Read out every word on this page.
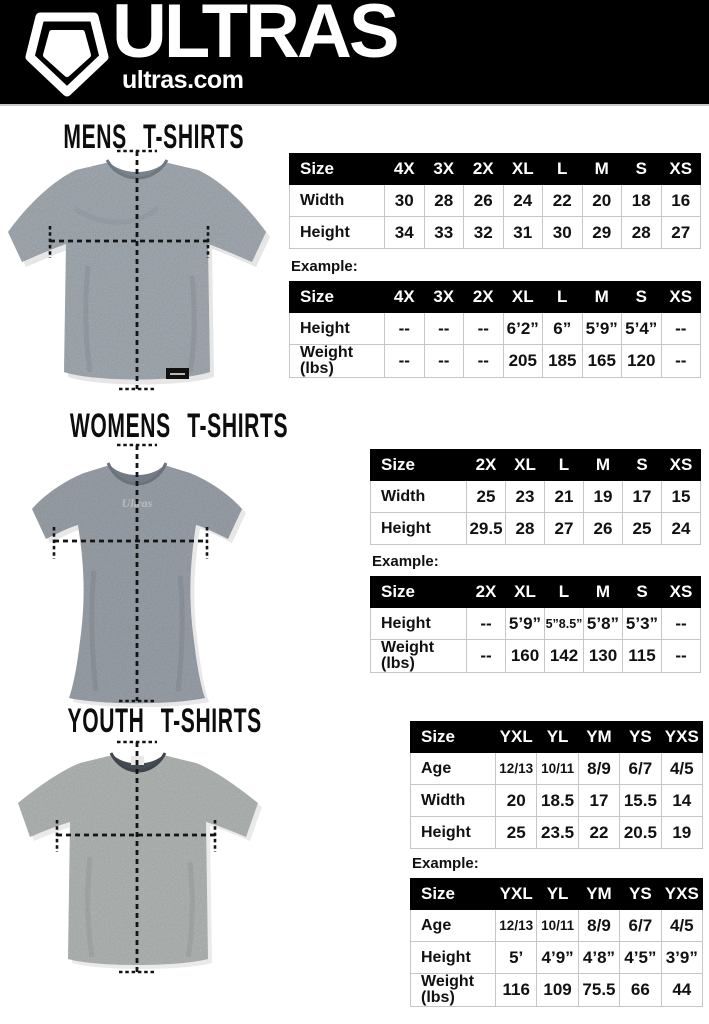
ULTRAS
ultras.com
MENS T-SHIRTS
Size	4X	3X	2X	XL	L	M	S	XS
Width	30	28	26	24	22	20	18	16
Height	34	33	32	31	30	29	28	27
Example:
Size	4X	3X	2X	XL	L	M	S	XS
Height	--	--	--	6’2”	6”	5’9”	5’4”	--
Weight (lbs)	--	--	--	205	185	165	120	--
WOMENS T-SHIRTS
Ultras
Size	2X	XL	L	M	S	XS
Width	25	23	21	19	17	15
Height	29.5	28	27	26	25	24
Example:
Size	2X	XL	L	M	S	XS
Height	--	5’9”	5”8.5”	5’8”	5’3”	--
Weight (lbs)	--	160	142	130	115	--
YOUTH T-SHIRTS	Size	YXL	YL	YM	YS	YXS
Age	12/13	10/11	8/9	6/7	4/5
Width	20	18.5	17	15.5	14
Height	25	23.5	22	20.5	19
Example:
Size	YXL	YL	YM	YS	YXS
Age	12/13	10/11	8/9	6/7	4/5
Height	5’	4’9”	4’8”	4’5”	3’9”
Weight (lbs)	116	109	75.5	66	44
